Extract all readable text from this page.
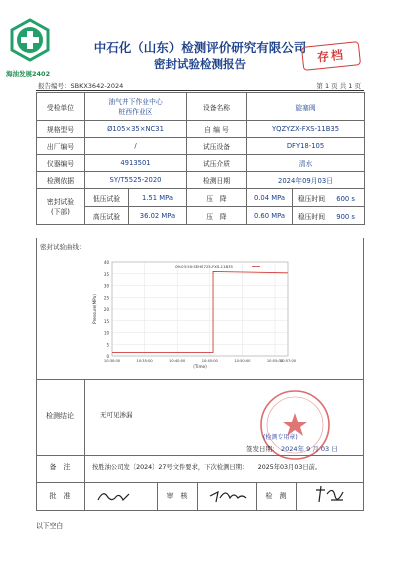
海油发展2402
中石化（山东）检测评价研究有限公司
密封试验检测报告	存档
报告编号：SBKX3642-2024	第 1 页 共 1 页
受检单位	油气井下作业中心
桩西作业区		设备名称	旋塞阀	
规格型号	Ø105×35×NC31		自 编 号	YQZYZX-FXS-11B35	
出厂编号	/		试压设备	DFY18-105	
仪器编号	4913501		试压介质	清水	
检测依据	SY/T5525-2020		检测日期	2024年09月03日	
密封试验
(下部)	低压试验	1.51 MPa	压　降	0.04 MPa	稳压时间 600 s
	高压试验	36.02 MPa	压　降	0.60 MPa	稳压时间 900 s
密封试验曲线：
40
35
30
25
20
15
10
5
0
10:30:00	10:35:00	10:40:00	10:45:00	10:50:00	10:55:00
10:57:00
Pressure(MPa)
(Time)
09:03:50:SEHS725-FXS-11B35
检测结论	无可见渗漏
(检测专用章)
签发日期： 2024年 9 月 03 日
备　注	按胜油公司发〔2024〕27号文件要求，下次检测日期：　　2025年03月03日前。
批　准	审　核	检　测
以下空白
